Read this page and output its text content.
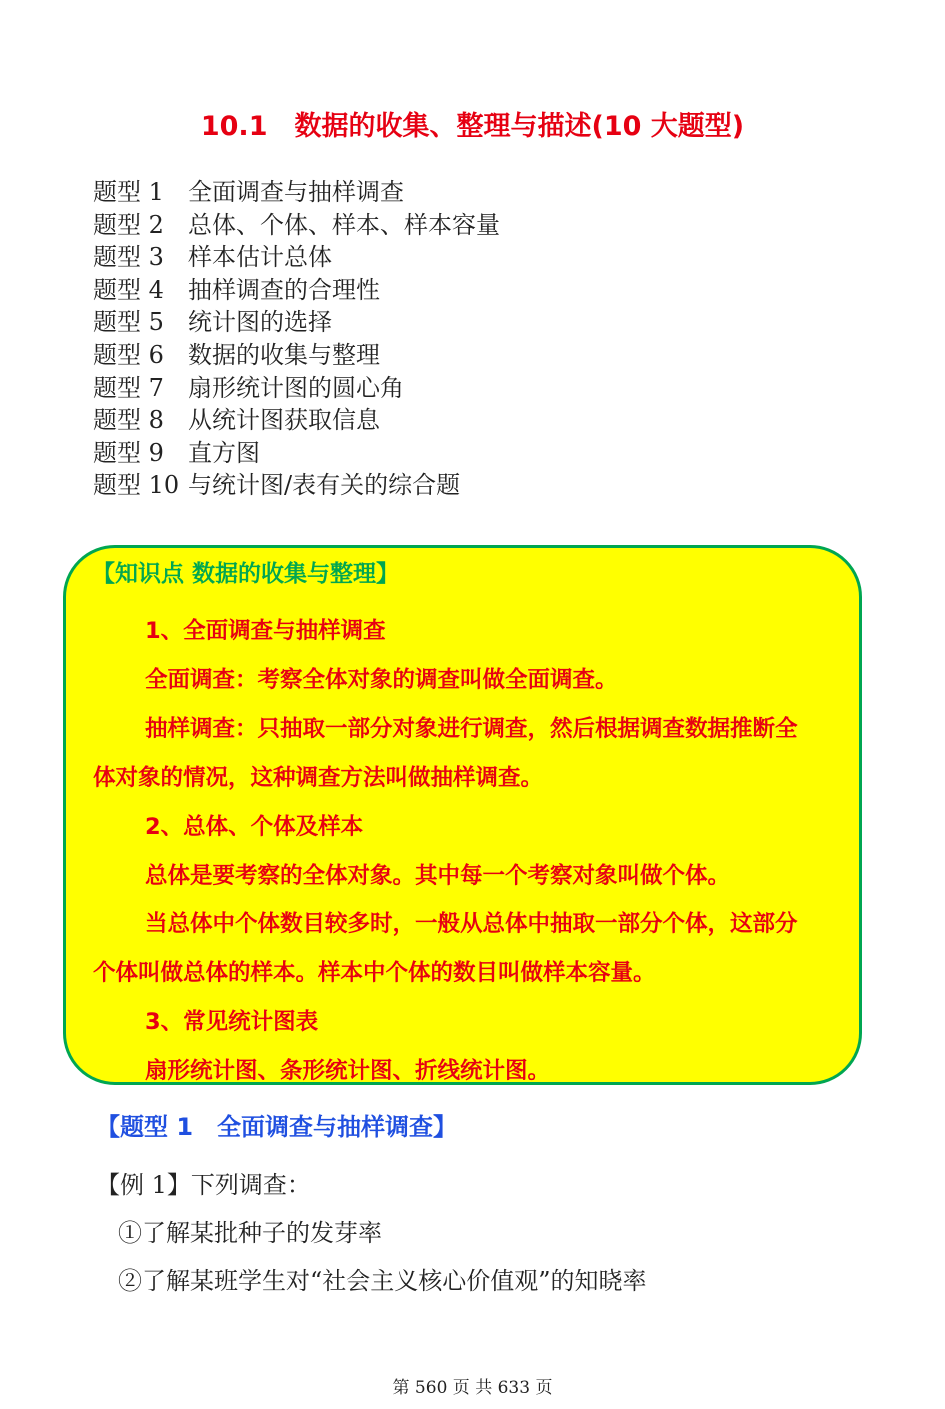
10.1　数据的收集、整理与描述(10 大题型)
题型 1	全面调查与抽样调查
题型 2	总体、个体、样本、样本容量
题型 3	样本估计总体
题型 4	抽样调查的合理性
题型 5	统计图的选择
题型 6	数据的收集与整理
题型 7	扇形统计图的圆心角
题型 8	从统计图获取信息
题型 9	直方图
题型 10 与统计图/表有关的综合题
【知识点 数据的收集与整理】
1、全面调查与抽样调查
全面调查：考察全体对象的调查叫做全面调查。
抽样调查：只抽取一部分对象进行调查，然后根据调查数据推断全
体对象的情况，这种调查方法叫做抽样调查。
2、总体、个体及样本
总体是要考察的全体对象。其中每一个考察对象叫做个体。
当总体中个体数目较多时，一般从总体中抽取一部分个体，这部分
个体叫做总体的样本。样本中个体的数目叫做样本容量。
3、常见统计图表
扇形统计图、条形统计图、折线统计图。
【题型 1　全面调查与抽样调查】
【例 1】下列调查：
①了解某批种子的发芽率
②了解某班学生对“社会主义核心价值观”的知晓率
第 560 页 共 633 页
